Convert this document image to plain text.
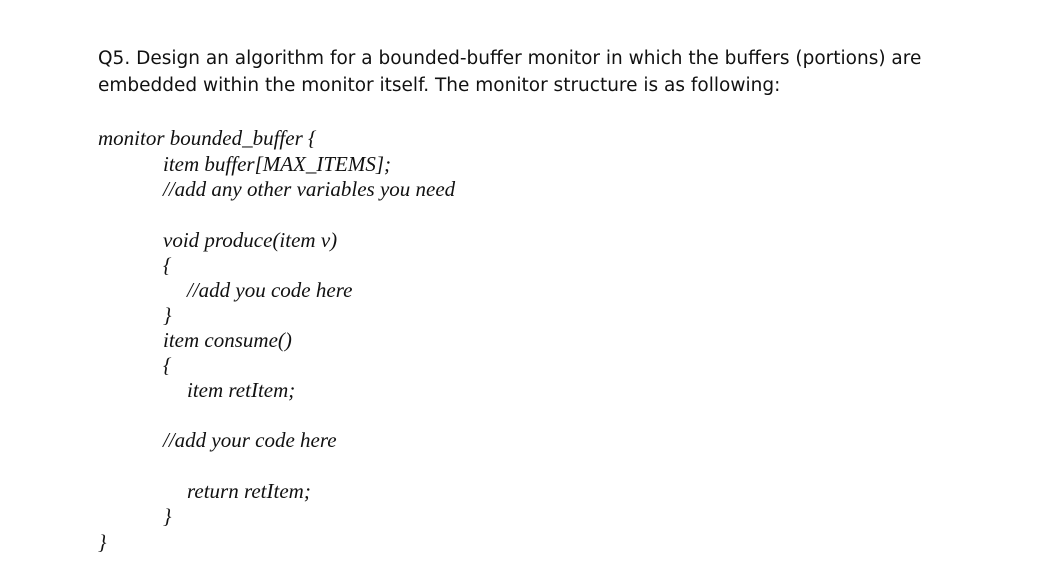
Q5. Design an algorithm for a bounded-buffer monitor in which the buffers (portions) are
embedded within the monitor itself. The monitor structure is as following:
monitor bounded_buffer {
item buffer[MAX_ITEMS];
//add any other variables you need
void produce(item v)
{
//add you code here
}
item consume()
{
item retItem;
//add your code here
return retItem;
}
}
